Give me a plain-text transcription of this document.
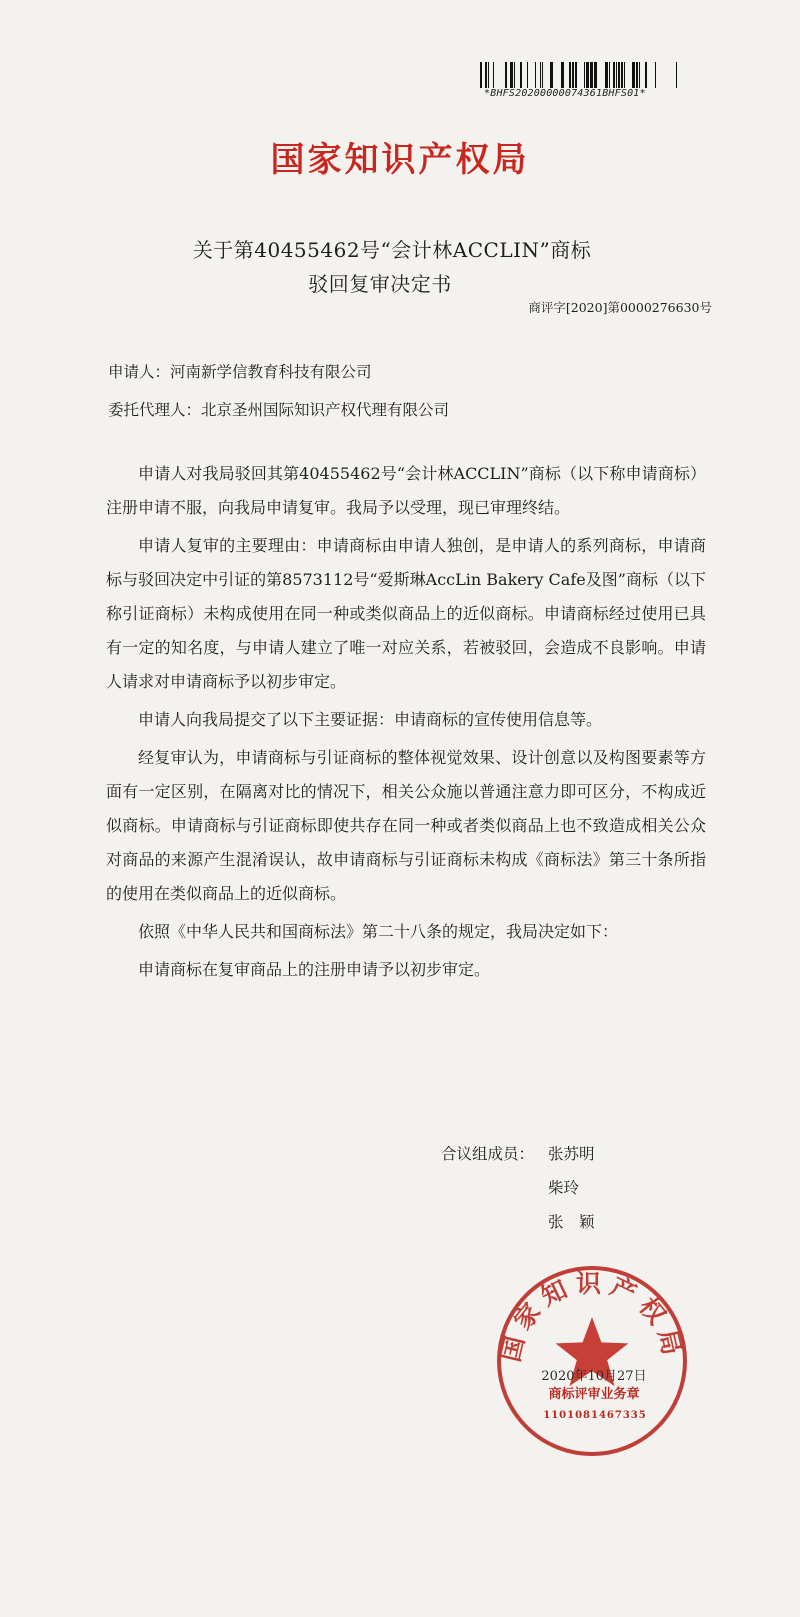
*BHFS20200000074361BHFS01*
国家知识产权局
关于第40455462号“会计林ACCLIN”商标
驳回复审决定书
商评字[2020]第0000276630号
申请人：河南新学信教育科技有限公司
委托代理人：北京圣州国际知识产权代理有限公司

申请人对我局驳回其第40455462号“会计林ACCLIN”商标（以下称申请商标）注册申请不服，向我局申请复审。我局予以受理，现已审理终结。

申请人复审的主要理由：申请商标由申请人独创，是申请人的系列商标，申请商标与驳回决定中引证的第8573112号“爱斯琳AccLin Bakery Cafe及图”商标（以下称引证商标）未构成使用在同一种或类似商品上的近似商标。申请商标经过使用已具有一定的知名度，与申请人建立了唯一对应关系，若被驳回，会造成不良影响。申请人请求对申请商标予以初步审定。

申请人向我局提交了以下主要证据：申请商标的宣传使用信息等。

经复审认为，申请商标与引证商标的整体视觉效果、设计创意以及构图要素等方面有一定区别，在隔离对比的情况下，相关公众施以普通注意力即可区分，不构成近似商标。申请商标与引证商标即使共存在同一种或者类似商品上也不致造成相关公众对商品的来源产生混淆误认，故申请商标与引证商标未构成《商标法》第三十条所指的使用在类似商品上的近似商标。

依照《中华人民共和国商标法》第二十八条的规定，我局决定如下：

申请商标在复审商品上的注册申请予以初步审定。

合议组成员： 张苏明
柴玲
张　颖
国家知识产权局
2020年10月27日
商标评审业务章
1101081467335
